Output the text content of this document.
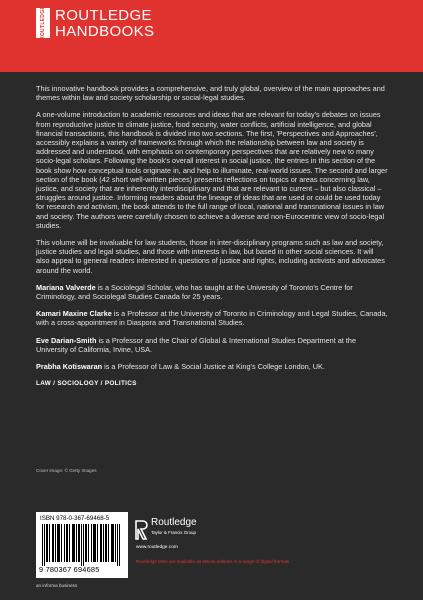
ROUTLEDGE ROUTLEDGE
HANDBOOKS

This innovative handbook provides a comprehensive, and truly global, overview of the main approaches and themes within law and society scholarship or social-legal studies.

A one-volume introduction to academic resources and ideas that are relevant for today's debates on issues from reproductive justice to climate justice, food security, water conflicts, artificial intelligence, and global financial transactions, this handbook is divided into two sections. The first, 'Perspectives and Approaches', accessibly explains a variety of frameworks through which the relationship between law and society is addressed and understood, with emphasis on contemporary perspectives that are relatively new to many socio-legal scholars. Following the book's overall interest in social justice, the entries in this section of the book show how conceptual tools originate in, and help to illuminate, real-world issues. The second and larger section of the book (42 short well-written pieces) presents reflections on topics or areas concerning law, justice, and society that are inherently interdisciplinary and that are relevant to current – but also classical – struggles around justice. Informing readers about the lineage of ideas that are used or could be used today for research and activism, the book attends to the full range of local, national and transnational issues in law and society. The authors were carefully chosen to achieve a diverse and non-Eurocentric view of socio-legal studies.

This volume will be invaluable for law students, those in inter-disciplinary programs such as law and society, justice studies and legal studies, and those with interests in law, but based in other social sciences. It will also appeal to general readers interested in questions of justice and rights, including activists and advocates around the world.

Mariana Valverde is a Sociolegal Scholar, who has taught at the University of Toronto's Centre for Criminology, and Sociolegal Studies Canada for 25 years.

Kamari Maxine Clarke is a Professor at the University of Toronto in Criminology and Legal Studies, Canada, with a cross-appointment in Diaspora and Transnational Studies.

Eve Darian-Smith is a Professor and the Chair of Global & International Studies Department at the University of California, Irvine, USA.

Prabha Kotiswaran is a Professor of Law & Social Justice at King's College London, UK.

LAW / SOCIOLOGY / POLITICS
Cover image: © Getty Images
ISBN 978-0-367-69468-5
9 780367 694685
an informa business
Routledge
Taylor & Francis Group
www.routledge.com
Routledge titles are available as eBook editions in a range of digital formats
